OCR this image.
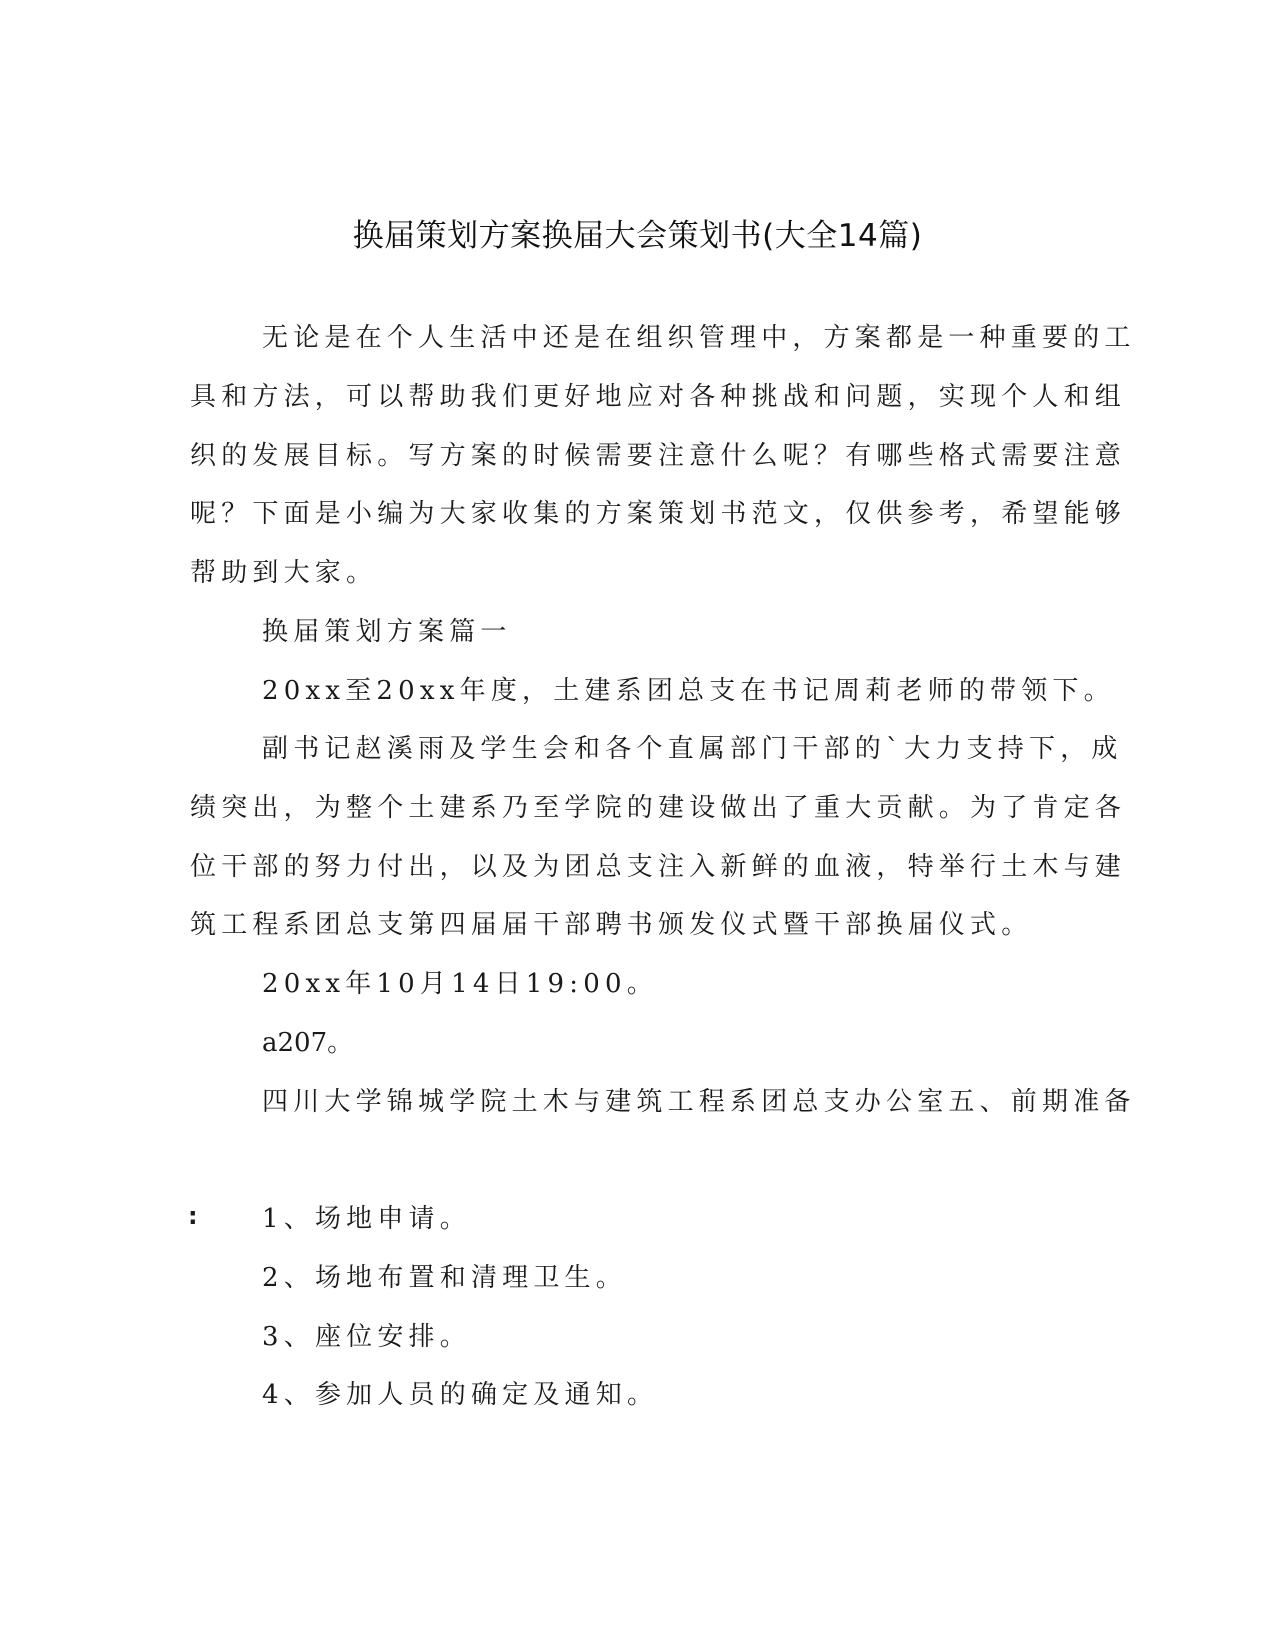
换届策划方案换届大会策划书(大全14篇)
无论是在个人生活中还是在组织管理中，方案都是一种重要的工
具和方法，可以帮助我们更好地应对各种挑战和问题，实现个人和组
织的发展目标。写方案的时候需要注意什么呢？有哪些格式需要注意
呢？下面是小编为大家收集的方案策划书范文，仅供参考，希望能够
帮助到大家。
换届策划方案篇一
20xx至20xx年度，土建系团总支在书记周莉老师的带领下。
副书记赵溪雨及学生会和各个直属部门干部的`大力支持下，成
绩突出，为整个土建系乃至学院的建设做出了重大贡献。为了肯定各
位干部的努力付出，以及为团总支注入新鲜的血液，特举行土木与建
筑工程系团总支第四届届干部聘书颁发仪式暨干部换届仪式。
20xx年10月14日19:00。
a207。
四川大学锦城学院土木与建筑工程系团总支办公室五、前期准备
: 1、场地申请。
2、场地布置和清理卫生。
3、座位安排。
4、参加人员的确定及通知。
